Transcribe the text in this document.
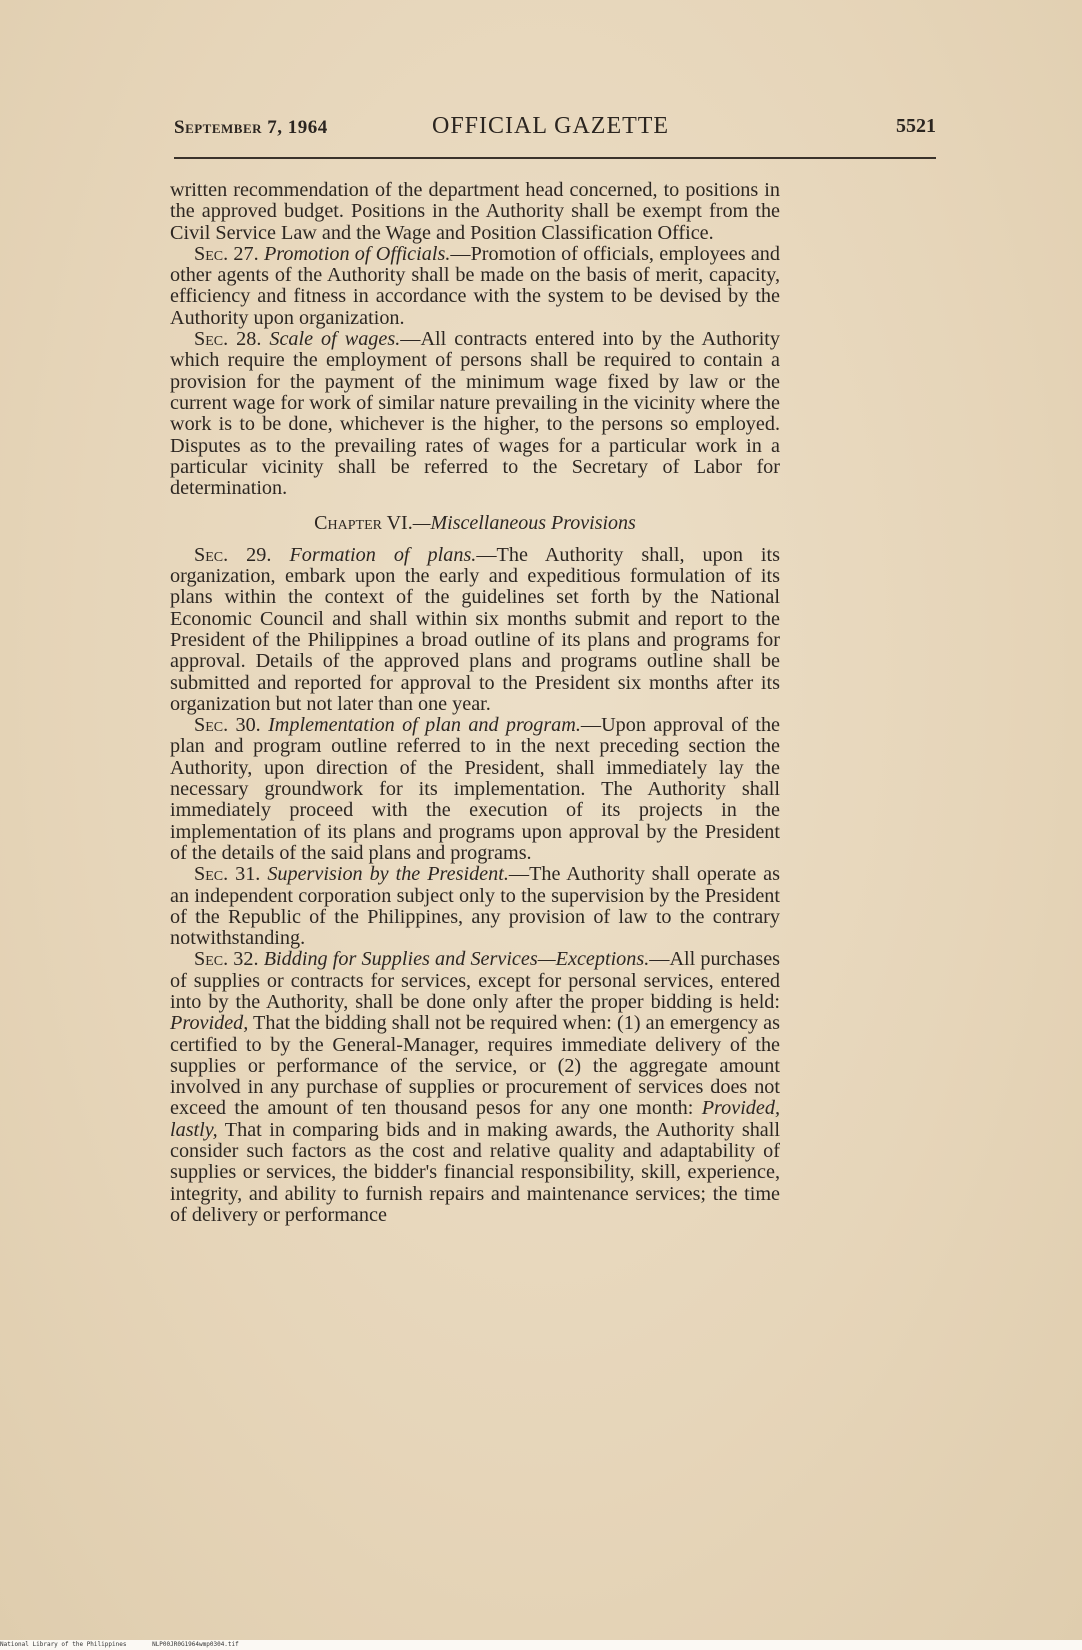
September 7, 1964	OFFICIAL GAZETTE	5521

written recommendation of the department head concerned, to positions in the approved budget. Positions in the Authority shall be exempt from the Civil Service Law and the Wage and Position Classification Office.

Sec. 27. Promotion of Officials.—Promotion of officials, employees and other agents of the Authority shall be made on the basis of merit, capacity, efficiency and fitness in accordance with the system to be devised by the Authority upon organization.

Sec. 28. Scale of wages.—All contracts entered into by the Authority which require the employment of persons shall be required to contain a provision for the payment of the minimum wage fixed by law or the current wage for work of similar nature prevailing in the vicinity where the work is to be done, whichever is the higher, to the persons so employed. Disputes as to the prevailing rates of wages for a particular work in a particular vicinity shall be referred to the Secretary of Labor for determination.

Chapter VI.—Miscellaneous Provisions

Sec. 29. Formation of plans.—The Authority shall, upon its organization, embark upon the early and expeditious formulation of its plans within the context of the guidelines set forth by the National Economic Council and shall within six months submit and report to the President of the Philippines a broad outline of its plans and programs for approval. Details of the approved plans and programs outline shall be submitted and reported for approval to the President six months after its organization but not later than one year.

Sec. 30. Implementation of plan and program.—Upon approval of the plan and program outline referred to in the next preceding section the Authority, upon direction of the President, shall immediately lay the necessary groundwork for its implementation. The Authority shall immediately proceed with the execution of its projects in the implementation of its plans and programs upon approval by the President of the details of the said plans and programs.

Sec. 31. Supervision by the President.—The Authority shall operate as an independent corporation subject only to the supervision by the President of the Republic of the Philippines, any provision of law to the contrary notwithstanding.

Sec. 32. Bidding for Supplies and Services—Exceptions.—All purchases of supplies or contracts for services, except for personal services, entered into by the Authority, shall be done only after the proper bidding is held: Provided, That the bidding shall not be required when: (1) an emergency as certified to by the General-Manager, requires immediate delivery of the supplies or performance of the service, or (2) the aggregate amount involved in any purchase of supplies or procurement of services does not exceed the amount of ten thousand pesos for any one month: Provided, lastly, That in comparing bids and in making awards, the Authority shall consider such factors as the cost and relative quality and adaptability of supplies or services, the bidder's financial responsibility, skill, experience, integrity, and ability to furnish repairs and maintenance services; the time of delivery or performance

National Library of the Philippines	NLP00JR0G1964wmp0304.tif
